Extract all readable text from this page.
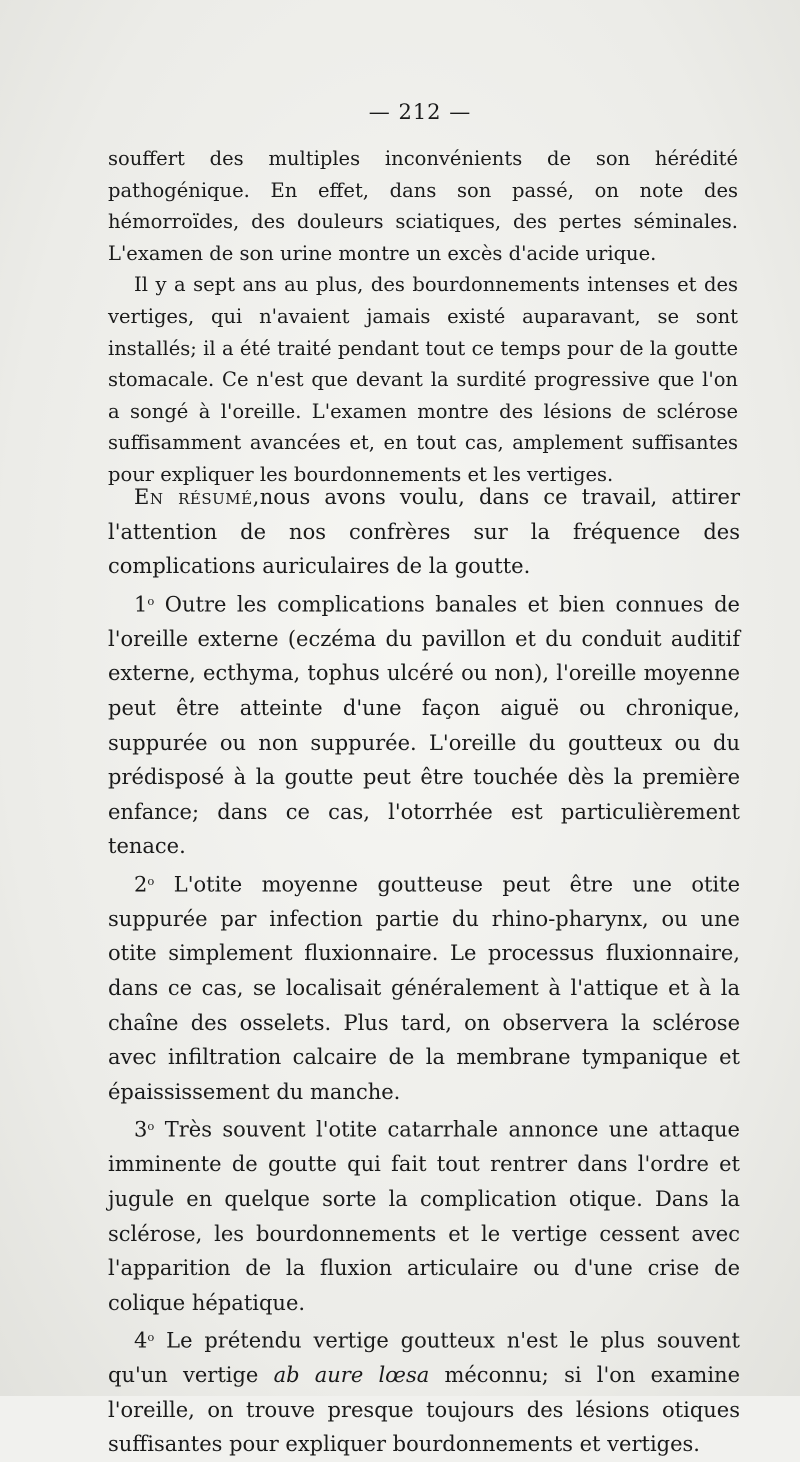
— 212 —

souffert des multiples inconvénients de son hérédité pathogénique. En effet, dans son passé, on note des hémorroïdes, des douleurs sciatiques, des pertes séminales. L'examen de son urine montre un excès d'acide urique.

Il y a sept ans au plus, des bourdonnements intenses et des vertiges, qui n'avaient jamais existé auparavant, se sont installés; il a été traité pendant tout ce temps pour de la goutte stomacale. Ce n'est que devant la surdité progressive que l'on a songé à l'oreille. L'examen montre des lésions de sclérose suffisamment avancées et, en tout cas, amplement suffisantes pour expliquer les bourdonnements et les vertiges.

En résumé,nous avons voulu, dans ce travail, attirer l'attention de nos confrères sur la fréquence des complications auriculaires de la goutte.

1$^o$ Outre les complications banales et bien connues de l'oreille externe (eczéma du pavillon et du conduit auditif externe, ecthyma, tophus ulcéré ou non), l'oreille moyenne peut être atteinte d'une façon aiguë ou chronique, suppurée ou non suppurée. L'oreille du goutteux ou du prédisposé à la goutte peut être touchée dès la première enfance; dans ce cas, l'otorrhée est particulièrement tenace.

2$^o$ L'otite moyenne goutteuse peut être une otite suppurée par infection partie du rhino-pharynx, ou une otite simplement fluxionnaire. Le processus fluxionnaire, dans ce cas, se localisait généralement à l'attique et à la chaîne des osselets. Plus tard, on observera la sclérose avec infiltration calcaire de la membrane tympanique et épaississement du manche.

3$^o$ Très souvent l'otite catarrhale annonce une attaque imminente de goutte qui fait tout rentrer dans l'ordre et jugule en quelque sorte la complication otique. Dans la sclérose, les bourdonnements et le vertige cessent avec l'apparition de la fluxion articulaire ou d'une crise de colique hépatique.

4$^o$ Le prétendu vertige goutteux n'est le plus souvent qu'un vertige ab aure lœsa méconnu; si l'on examine l'oreille, on trouve presque toujours des lésions otiques suffisantes pour expliquer bourdonnements et vertiges.
